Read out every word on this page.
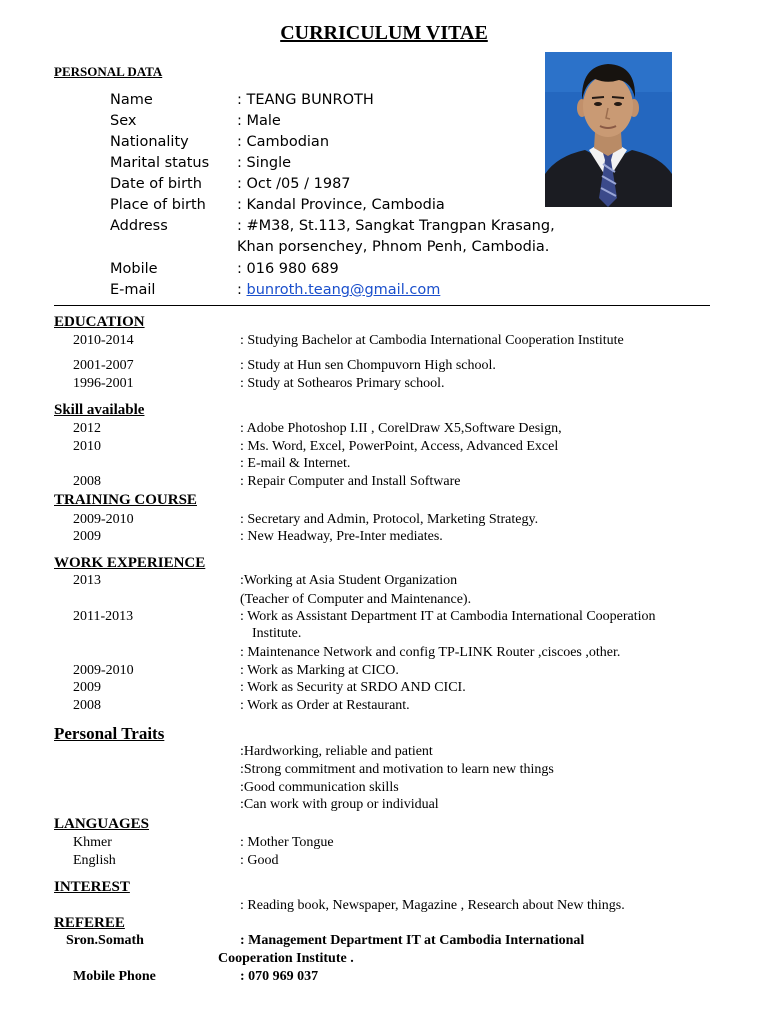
CURRICULUM VITAE
PERSONAL DATA
Name	: TEANG BUNROTH
Sex	: Male
Nationality	: Cambodian
Marital status : Single
Date of birth : Oct /05 / 1987
Place of birth : Kandal Province, Cambodia
Address	: #M38, St.113, Sangkat Trangpan Krasang,
Khan porsenchey, Phnom Penh, Cambodia.
Mobile	: 016 980 689
E-mail	: bunroth.teang@gmail.com
EDUCATION
2010-2014	: Studying Bachelor at Cambodia International Cooperation Institute
2001-2007	: Study at Hun sen Chompuvorn High school.
1996-2001	: Study at Sothearos Primary school.
Skill available
2012	: Adobe Photoshop I.II , CorelDraw X5,Software Design,
2010	: Ms. Word, Excel, PowerPoint, Access, Advanced Excel
: E-mail & Internet.
2008	: Repair Computer and Install Software
TRAINING COURSE
2009-2010	: Secretary and Admin, Protocol, Marketing Strategy.
2009	: New Headway, Pre-Inter mediates.
WORK EXPERIENCE
2013	:Working at Asia Student Organization
(Teacher of Computer and Maintenance).
2011-2013	: Work as Assistant Department IT at Cambodia International Cooperation
Institute.
: Maintenance Network and config TP-LINK Router ,ciscoes ,other.
2009-2010	: Work as Marking at CICO.
2009	: Work as Security at SRDO AND CICI.
2008	: Work as Order at Restaurant.
Personal Traits
:Hardworking, reliable and patient
:Strong commitment and motivation to learn new things
:Good communication skills
:Can work with group or individual
LANGUAGES
Khmer	: Mother Tongue
English	: Good
INTEREST
: Reading book, Newspaper, Magazine , Research about New things.
REFEREE
Sron.Somath	: Management Department IT at Cambodia International
Cooperation Institute .
Mobile Phone	: 070 969 037
